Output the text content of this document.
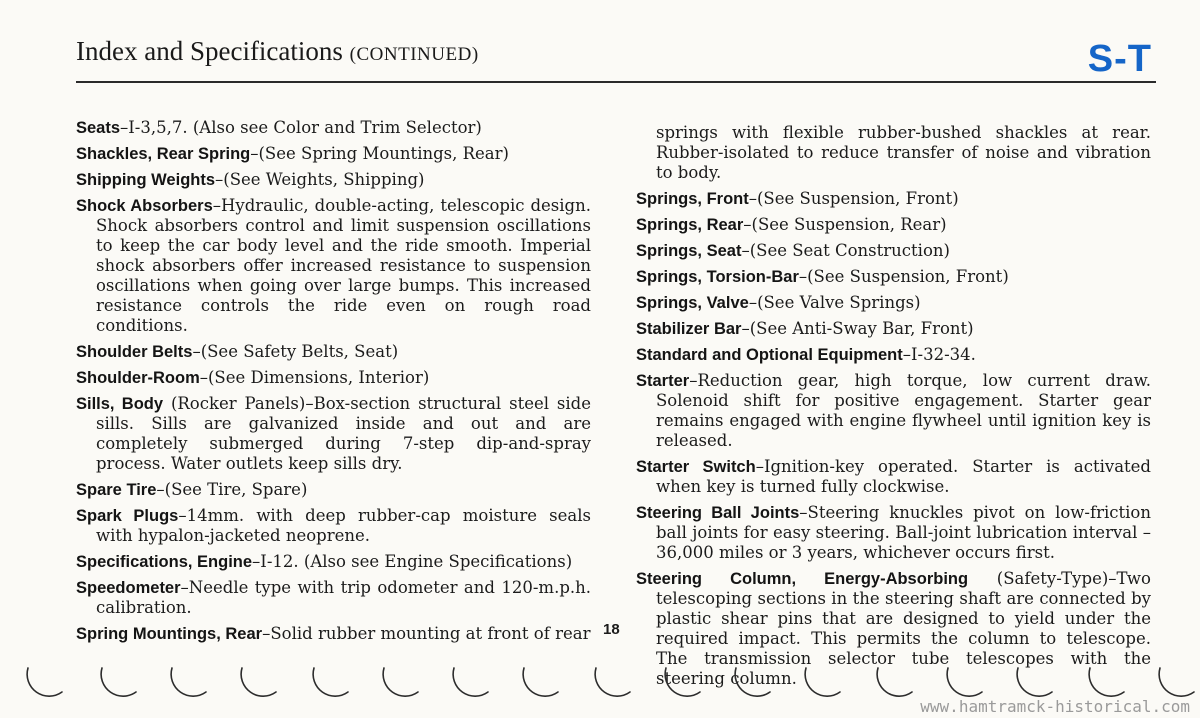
Index and Specifications (CONTINUED)	S-T

Seats–I-3,5,7. (Also see Color and Trim Selector)

Shackles, Rear Spring–(See Spring Mountings, Rear)

Shipping Weights–(See Weights, Shipping)

Shock Absorbers–Hydraulic, double-acting, telescopic design. Shock absorbers control and limit suspension oscillations to keep the car body level and the ride smooth. Imperial shock absorbers offer increased resistance to suspension oscillations when going over large bumps. This increased resistance controls the ride even on rough road conditions.

Shoulder Belts–(See Safety Belts, Seat)

Shoulder-Room–(See Dimensions, Interior)

Sills, Body (Rocker Panels)–Box-section structural steel side sills. Sills are galvanized inside and out and are completely submerged during 7-step dip-and-spray process. Water outlets keep sills dry.

Spare Tire–(See Tire, Spare)

Spark Plugs–14mm. with deep rubber-cap moisture seals with hypalon-jacketed neoprene.

Specifications, Engine–I-12. (Also see Engine Specifications)

Speedometer–Needle type with trip odometer and 120-m.p.h. calibration.

Spring Mountings, Rear–Solid rubber mounting at front of rear

springs with flexible rubber-bushed shackles at rear. Rubber-isolated to reduce transfer of noise and vibration to body.

Springs, Front–(See Suspension, Front)

Springs, Rear–(See Suspension, Rear)

Springs, Seat–(See Seat Construction)

Springs, Torsion-Bar–(See Suspension, Front)

Springs, Valve–(See Valve Springs)

Stabilizer Bar–(See Anti-Sway Bar, Front)

Standard and Optional Equipment–I-32-34.

Starter–Reduction gear, high torque, low current draw. Solenoid shift for positive engagement. Starter gear remains engaged with engine flywheel until ignition key is released.

Starter Switch–Ignition-key operated. Starter is activated when key is turned fully clockwise.

Steering Ball Joints–Steering knuckles pivot on low-friction ball joints for easy steering. Ball-joint lubrication interval – 36,000 miles or 3 years, whichever occurs first.

Steering Column, Energy-Absorbing (Safety-Type)–Two telescoping sections in the steering shaft are connected by plastic shear pins that are designed to yield under the required impact. This permits the column to telescope. The transmission selector tube telescopes with the steering column.

18
www.hamtramck-historical.com
